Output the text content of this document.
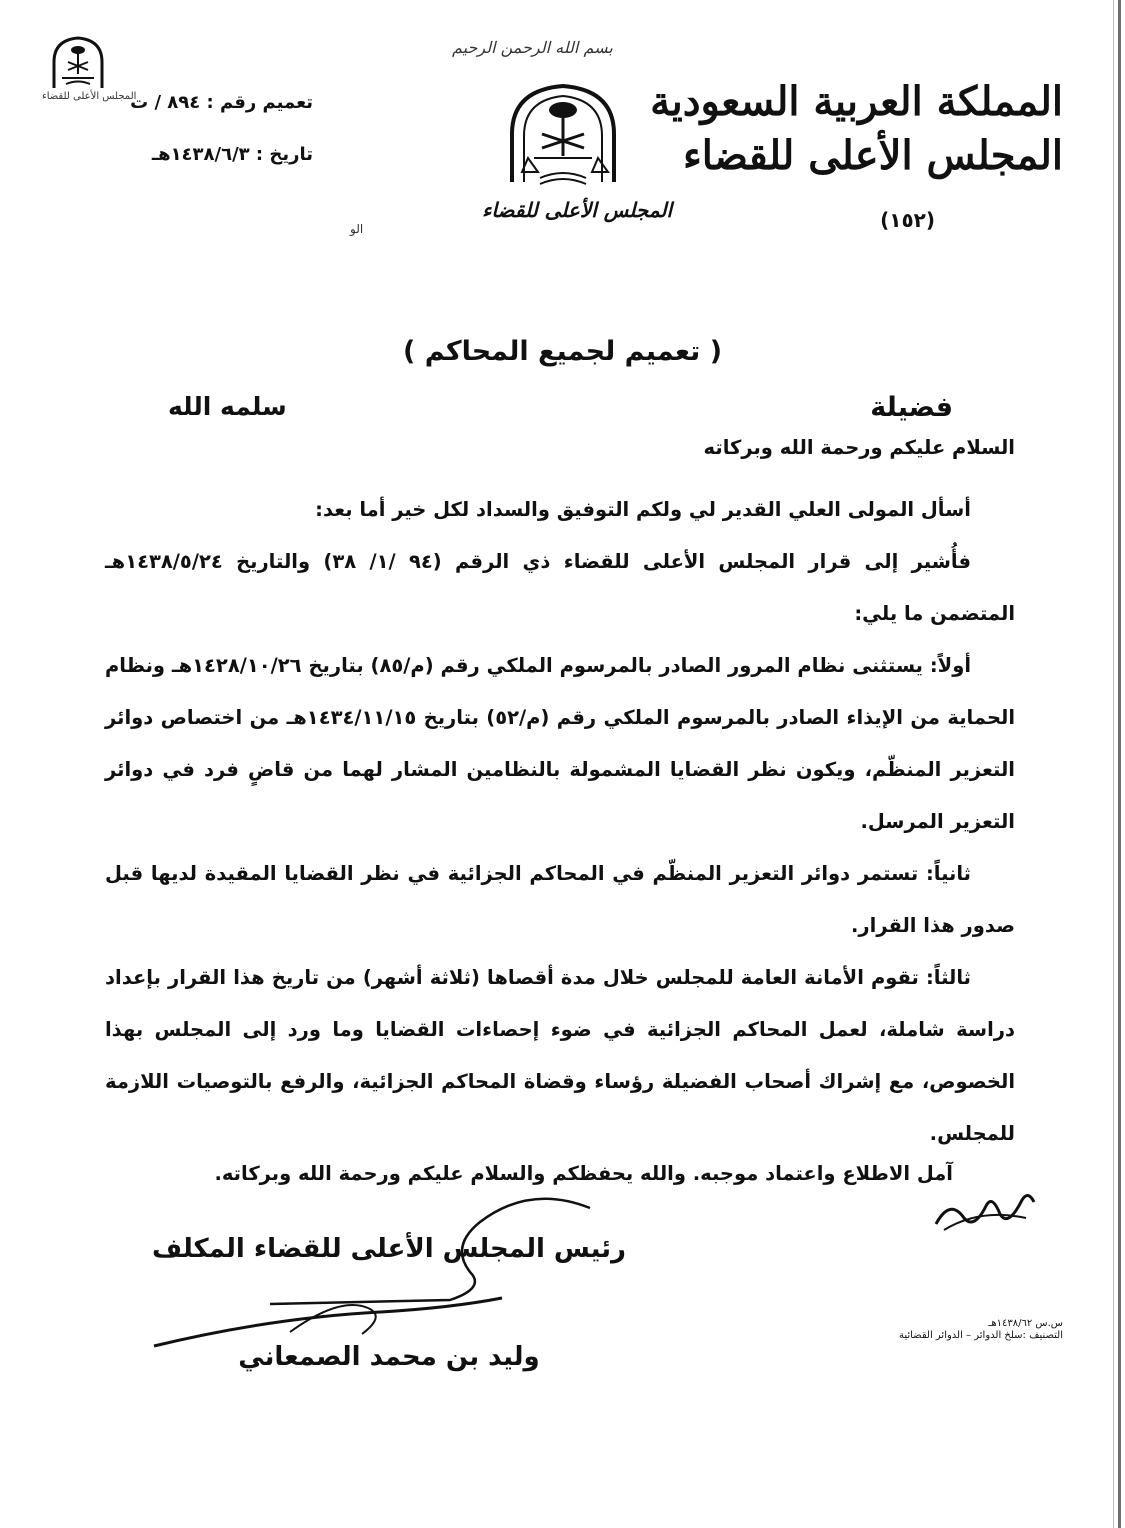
المملكة العربية السعودية
المجلس الأعلى للقضاء
(١٥٢)
بسم الله الرحمن الرحيم
المجلس الأعلى للقضاء
الو
المجلس الأعلى للقضاء	تعميم رقم : ٨٩٤ / ت
تاريخ : ١٤٣٨/٦/٣هـ
( تعميم لجميع المحاكم )
فضيلة
سلمه الله
السلام عليكم ورحمة الله وبركاته
أسأل المولى العلي القدير لي ولكم التوفيق والسداد لكل خير أما بعد:
فأُشير إلى قرار المجلس الأعلى للقضاء ذي الرقم (٩٤ /١/ ٣٨) والتاريخ ١٤٣٨/٥/٢٤هـ المتضمن ما يلي:
أولاً: يستثنى نظام المرور الصادر بالمرسوم الملكي رقم (م/٨٥) بتاريخ ١٤٢٨/١٠/٢٦هـ ونظام الحماية من الإيذاء الصادر بالمرسوم الملكي رقم (م/٥٢) بتاريخ ١٤٣٤/١١/١٥هـ من اختصاص دوائر التعزير المنظّم، ويكون نظر القضايا المشمولة بالنظامين المشار لهما من قاضٍ فرد في دوائر التعزير المرسل.
ثانياً: تستمر دوائر التعزير المنظّم في المحاكم الجزائية في نظر القضايا المقيدة لديها قبل صدور هذا القرار.
ثالثاً: تقوم الأمانة العامة للمجلس خلال مدة أقصاها (ثلاثة أشهر) من تاريخ هذا القرار بإعداد دراسة شاملة، لعمل المحاكم الجزائية في ضوء إحصاءات القضايا وما ورد إلى المجلس بهذا الخصوص، مع إشراك أصحاب الفضيلة رؤساء وقضاة المحاكم الجزائية، والرفع بالتوصيات اللازمة للمجلس.
آمل الاطلاع واعتماد موجبه. والله يحفظكم والسلام عليكم ورحمة الله وبركاته.
رئيس المجلس الأعلى للقضاء المكلف
وليد بن محمد الصمعاني
س.س ١٤٣٨/٦٢هـ
التصنيف :سلخ الدوائر – الدوائر القضائية
